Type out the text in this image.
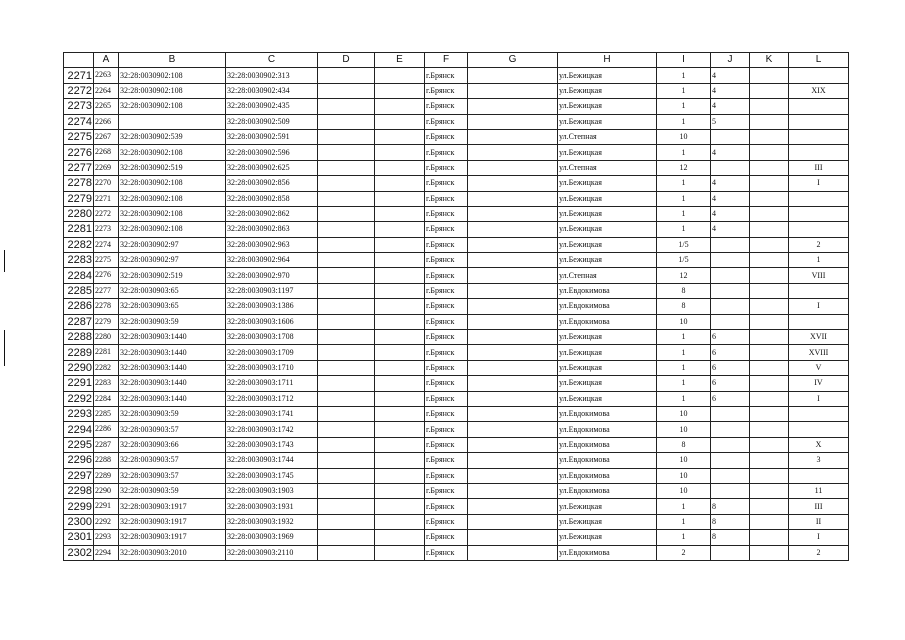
	A	B	C	D	E	F	G	H	I	J	K	L
2271	2263	32:28:0030902:108	32:28:0030902:313			г.Брянск		ул.Бежицкая	1	4		
2272	2264	32:28:0030902:108	32:28:0030902:434			г.Брянск		ул.Бежицкая	1	4		XIX
2273	2265	32:28:0030902:108	32:28:0030902:435			г.Брянск		ул.Бежицкая	1	4		
2274	2266		32:28:0030902:509			г.Брянск		ул.Бежицкая	1	5		
2275	2267	32:28:0030902:539	32:28:0030902:591			г.Брянск		ул.Степная	10			
2276	2268	32:28:0030902:108	32:28:0030902:596			г.Брянск		ул.Бежицкая	1	4		
2277	2269	32:28:0030902:519	32:28:0030902:625			г.Брянск		ул.Степная	12			III
2278	2270	32:28:0030902:108	32:28:0030902:856			г.Брянск		ул.Бежицкая	1	4		I
2279	2271	32:28:0030902:108	32:28:0030902:858			г.Брянск		ул.Бежицкая	1	4		
2280	2272	32:28:0030902:108	32:28:0030902:862			г.Брянск		ул.Бежицкая	1	4		
2281	2273	32:28:0030902:108	32:28:0030902:863			г.Брянск		ул.Бежицкая	1	4		
2282	2274	32:28:0030902:97	32:28:0030902:963			г.Брянск		ул.Бежицкая	1/5			2
2283	2275	32:28:0030902:97	32:28:0030902:964			г.Брянск		ул.Бежицкая	1/5			1
2284	2276	32:28:0030902:519	32:28:0030902:970			г.Брянск		ул.Степная	12			VIII
2285	2277	32:28:0030903:65	32:28:0030903:1197			г.Брянск		ул.Евдокимова	8			
2286	2278	32:28:0030903:65	32:28:0030903:1386			г.Брянск		ул.Евдокимова	8			I
2287	2279	32:28:0030903:59	32:28:0030903:1606			г.Брянск		ул.Евдокимова	10			
2288	2280	32:28:0030903:1440	32:28:0030903:1708			г.Брянск		ул.Бежицкая	1	6		XVII
2289	2281	32:28:0030903:1440	32:28:0030903:1709			г.Брянск		ул.Бежицкая	1	6		XVIII
2290	2282	32:28:0030903:1440	32:28:0030903:1710			г.Брянск		ул.Бежицкая	1	6		V
2291	2283	32:28:0030903:1440	32:28:0030903:1711			г.Брянск		ул.Бежицкая	1	6		IV
2292	2284	32:28:0030903:1440	32:28:0030903:1712			г.Брянск		ул.Бежицкая	1	6		I
2293	2285	32:28:0030903:59	32:28:0030903:1741			г.Брянск		ул.Евдокимова	10			
2294	2286	32:28:0030903:57	32:28:0030903:1742			г.Брянск		ул.Евдокимова	10			
2295	2287	32:28:0030903:66	32:28:0030903:1743			г.Брянск		ул.Евдокимова	8			X
2296	2288	32:28:0030903:57	32:28:0030903:1744			г.Брянск		ул.Евдокимова	10			3
2297	2289	32:28:0030903:57	32:28:0030903:1745			г.Брянск		ул.Евдокимова	10			
2298	2290	32:28:0030903:59	32:28:0030903:1903			г.Брянск		ул.Евдокимова	10			11
2299	2291	32:28:0030903:1917	32:28:0030903:1931			г.Брянск		ул.Бежицкая	1	8		III
2300	2292	32:28:0030903:1917	32:28:0030903:1932			г.Брянск		ул.Бежицкая	1	8		II
2301	2293	32:28:0030903:1917	32:28:0030903:1969			г.Брянск		ул.Бежицкая	1	8		I
2302	2294	32:28:0030903:2010	32:28:0030903:2110			г.Брянск		ул.Евдокимова	2			2
